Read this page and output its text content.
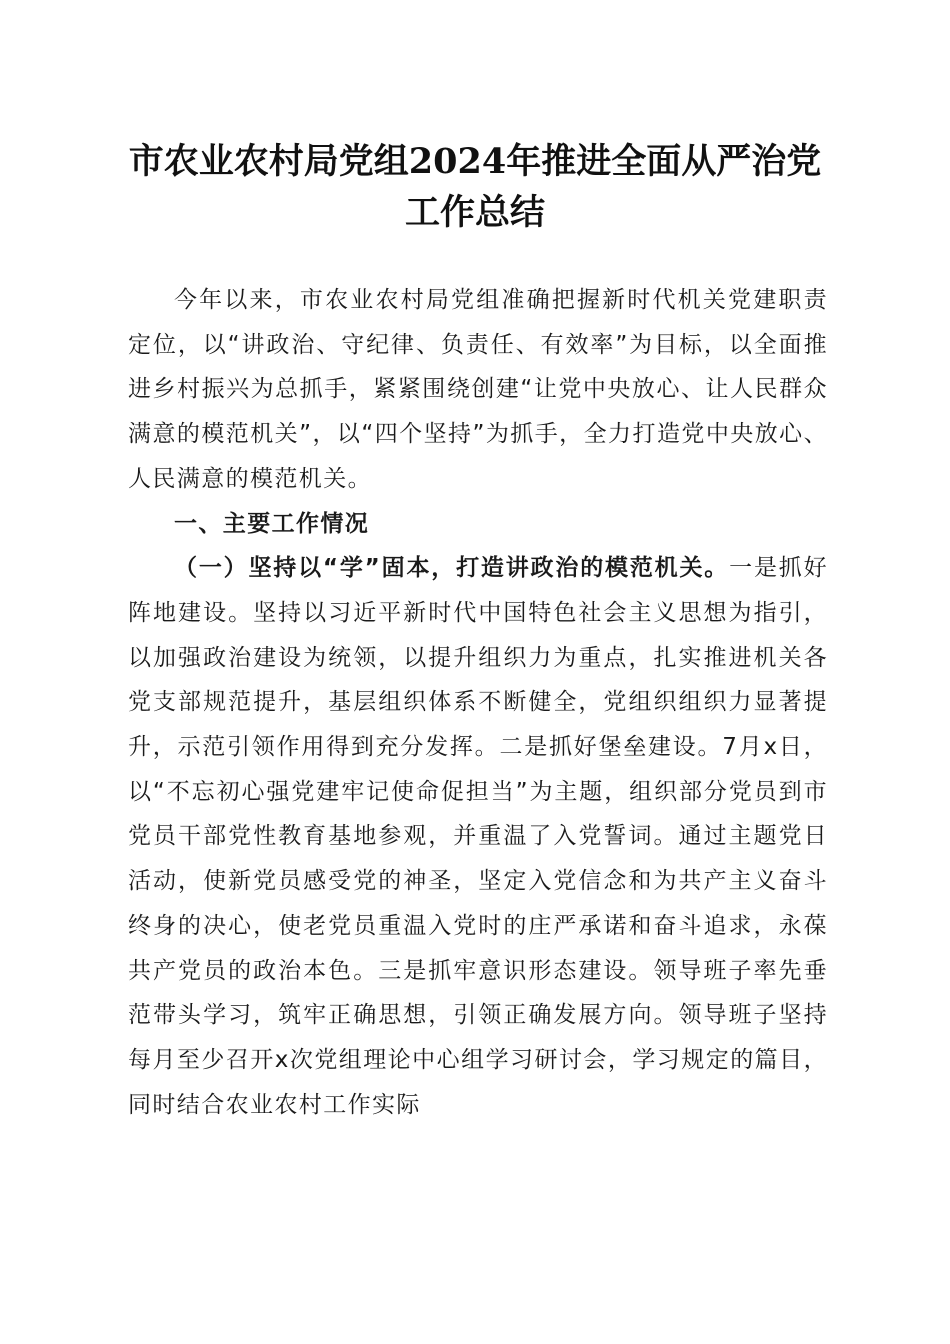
市农业农村局党组2024年推进全面从严治党
工作总结

今年以来，市农业农村局党组准确把握新时代机关党建职责定位，以“讲政治、守纪律、负责任、有效率”为目标，以全面推进乡村振兴为总抓手，紧紧围绕创建“让党中央放心、让人民群众满意的模范机关”，以“四个坚持”为抓手，全力打造党中央放心、人民满意的模范机关。

一、主要工作情况

（一）坚持以“学”固本，打造讲政治的模范机关。一是抓好阵地建设。坚持以习近平新时代中国特色社会主义思想为指引，以加强政治建设为统领，以提升组织力为重点，扎实推进机关各党支部规范提升，基层组织体系不断健全，党组织组织力显著提升，示范引领作用得到充分发挥。二是抓好堡垒建设。7月x日，以“不忘初心强党建牢记使命促担当”为主题，组织部分党员到市党员干部党性教育基地参观，并重温了入党誓词。通过主题党日活动，使新党员感受党的神圣，坚定入党信念和为共产主义奋斗终身的决心，使老党员重温入党时的庄严承诺和奋斗追求，永葆共产党员的政治本色。三是抓牢意识形态建设。领导班子率先垂范带头学习，筑牢正确思想，引领正确发展方向。领导班子坚持每月至少召开x次党组理论中心组学习研讨会，学习规定的篇目，同时结合农业农村工作实际
